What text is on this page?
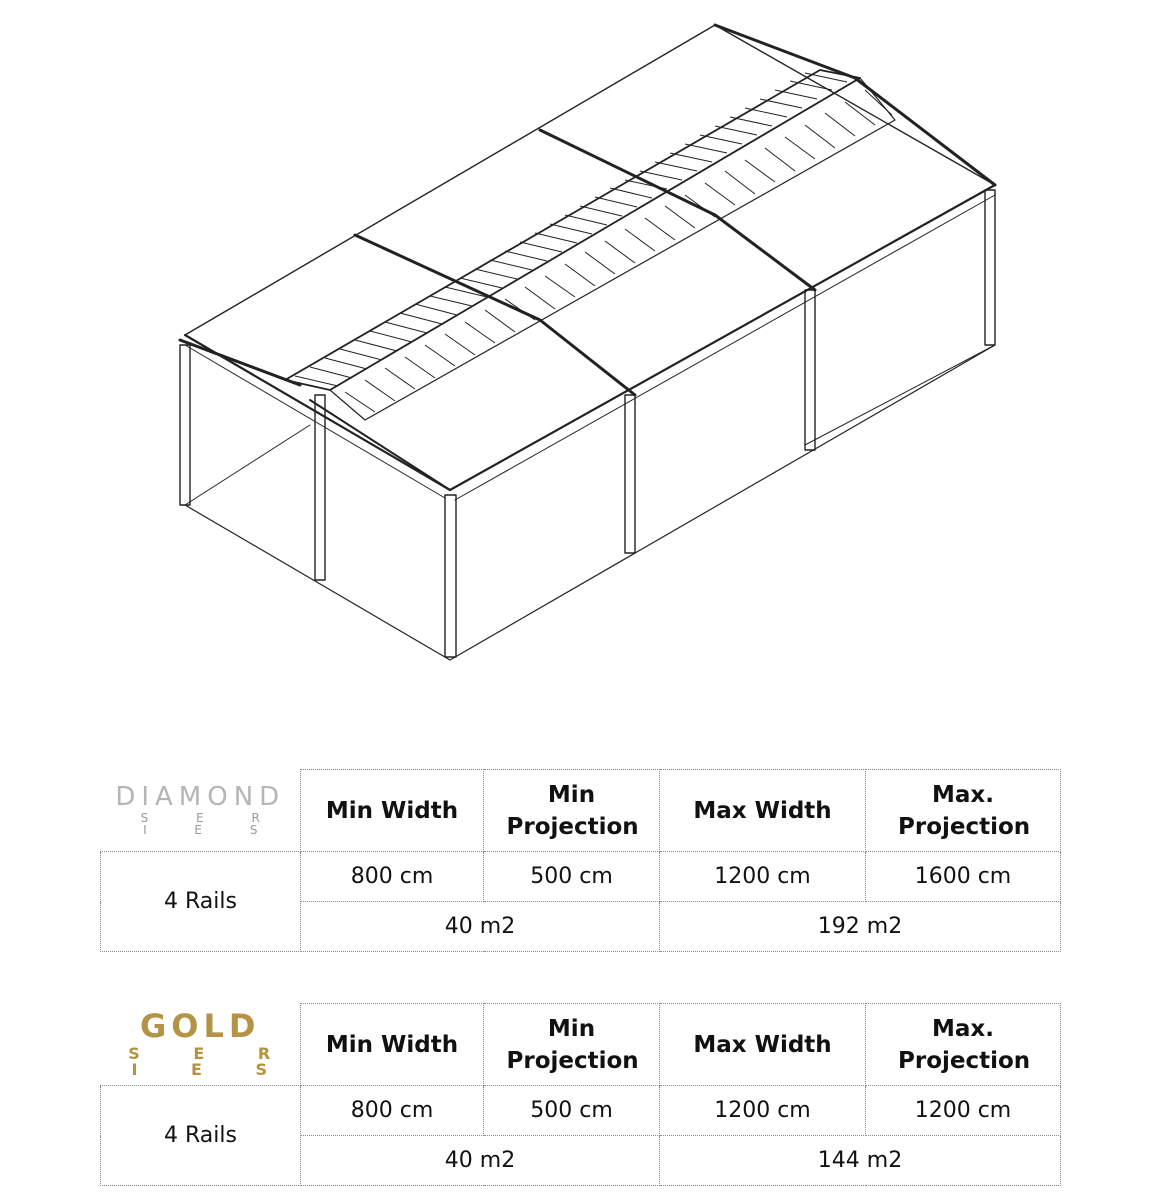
DIAMOND
S E R I E S	Min Width	Min Projection	Max Width	Max. Projection

4 Rails	800 cm	500 cm	1200 cm	1600 cm
	40 m2		192 m2	
GOLD
S E R I E S	Min Width	Min Projection	Max Width	Max. Projection

4 Rails	800 cm	500 cm	1200 cm	1200 cm
	40 m2		144 m2	
